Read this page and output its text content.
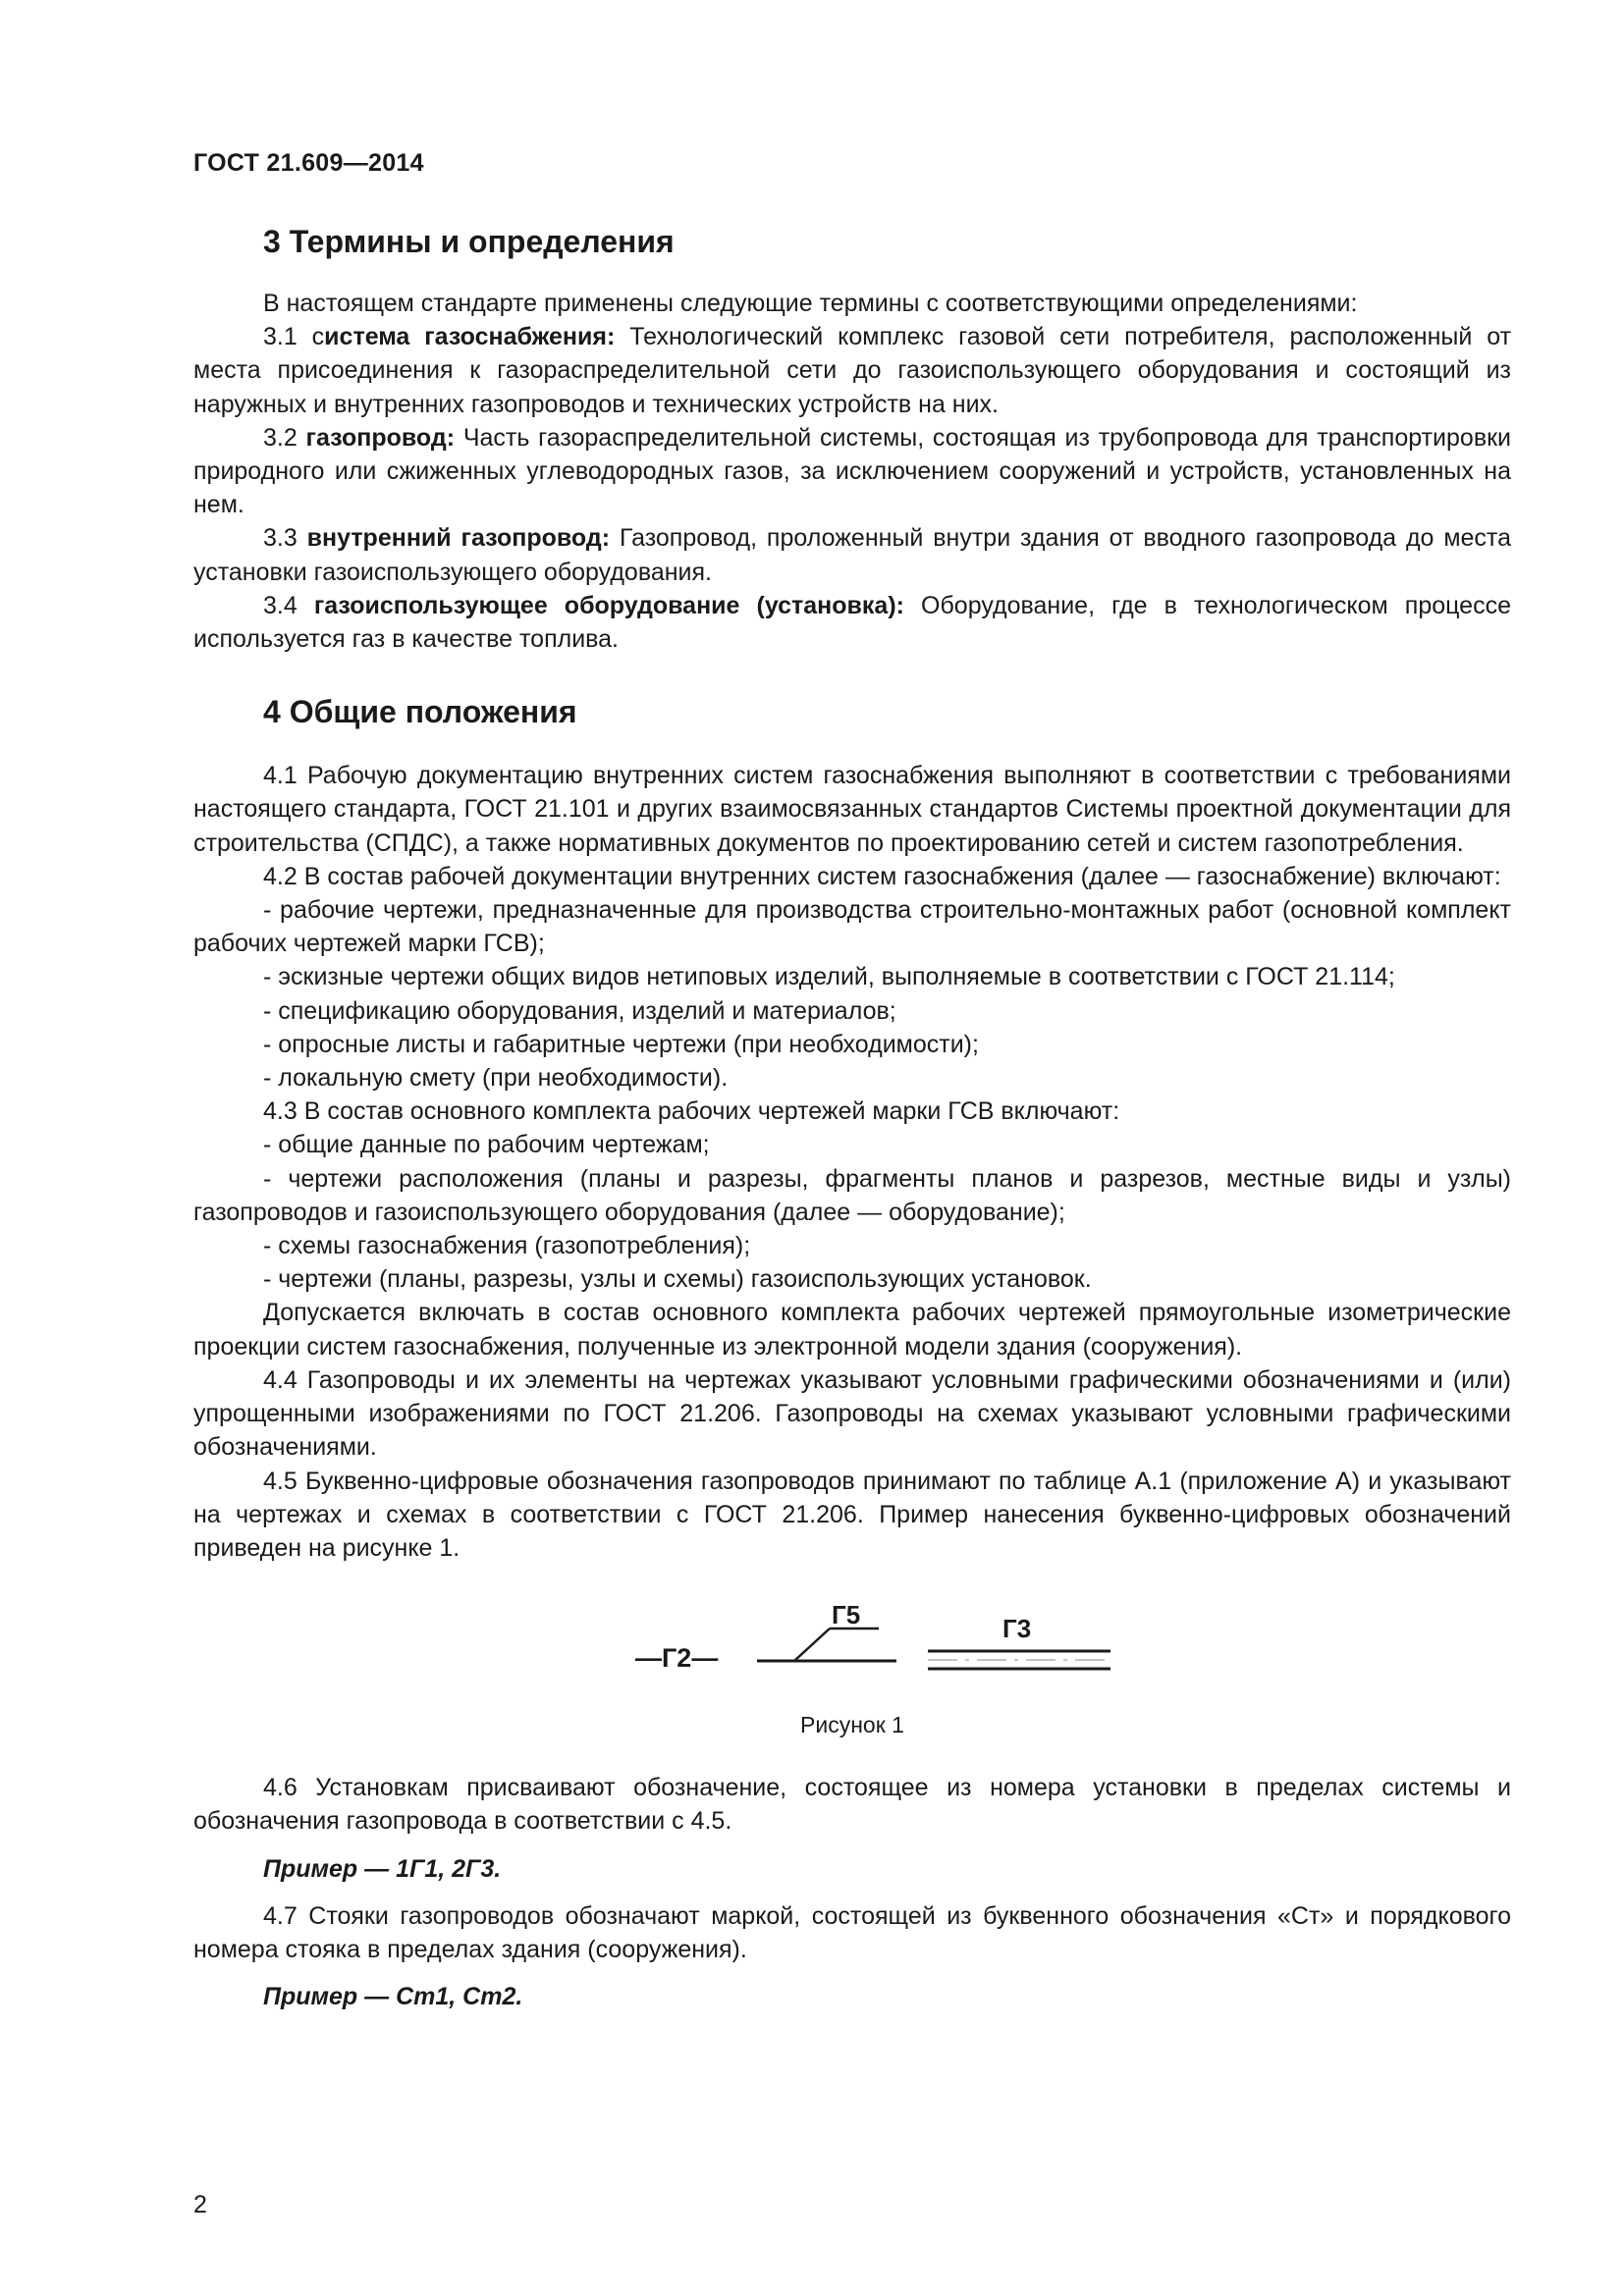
ГОСТ 21.609—2014
3 Термины и определения

В настоящем стандарте применены следующие термины с соответствующими определениями:

3.1 система газоснабжения: Технологический комплекс газовой сети потребителя, расположенный от места присоединения к газораспределительной сети до газоиспользующего оборудования и состоящий из наружных и внутренних газопроводов и технических устройств на них.

3.2 газопровод: Часть газораспределительной системы, состоящая из трубопровода для транспортировки природного или сжиженных углеводородных газов, за исключением сооружений и устройств, установленных на нем.

3.3 внутренний газопровод: Газопровод, проложенный внутри здания от вводного газопровода до места установки газоиспользующего оборудования.

3.4 газоиспользующее оборудование (установка): Оборудование, где в технологическом процессе используется газ в качестве топлива.

4 Общие положения

4.1 Рабочую документацию внутренних систем газоснабжения выполняют в соответствии с требованиями настоящего стандарта, ГОСТ 21.101 и других взаимосвязанных стандартов Системы проектной документации для строительства (СПДС), а также нормативных документов по проектированию сетей и систем газопотребления.

4.2 В состав рабочей документации внутренних систем газоснабжения (далее — газоснабжение) включают:

- рабочие чертежи, предназначенные для производства строительно-монтажных работ (основной комплект рабочих чертежей марки ГСВ);

- эскизные чертежи общих видов нетиповых изделий, выполняемые в соответствии с ГОСТ 21.114;

- спецификацию оборудования, изделий и материалов;

- опросные листы и габаритные чертежи (при необходимости);

- локальную смету (при необходимости).

4.3 В состав основного комплекта рабочих чертежей марки ГСВ включают:

- общие данные по рабочим чертежам;

- чертежи расположения (планы и разрезы, фрагменты планов и разрезов, местные виды и узлы) газопроводов и газоиспользующего оборудования (далее — оборудование);

- схемы газоснабжения (газопотребления);

- чертежи (планы, разрезы, узлы и схемы) газоиспользующих установок.

Допускается включать в состав основного комплекта рабочих чертежей прямоугольные изометрические проекции систем газоснабжения, полученные из электронной модели здания (сооружения).

4.4 Газопроводы и их элементы на чертежах указывают условными графическими обозначениями и (или) упрощенными изображениями по ГОСТ 21.206. Газопроводы на схемах указывают условными графическими обозначениями.

4.5 Буквенно-цифровые обозначения газопроводов принимают по таблице А.1 (приложение А) и указывают на чертежах и схемах в соответствии с ГОСТ 21.206. Пример нанесения буквенно-цифровых обозначений приведен на рисунке 1.

—Г2—
Г5	Г3
Рисунок 1

4.6 Установкам присваивают обозначение, состоящее из номера установки в пределах системы и обозначения газопровода в соответствии с 4.5.

Пример — 1Г1, 2Г3.

4.7 Стояки газопроводов обозначают маркой, состоящей из буквенного обозначения «Ст» и порядкового номера стояка в пределах здания (сооружения).

Пример — Ст1, Ст2.

2
